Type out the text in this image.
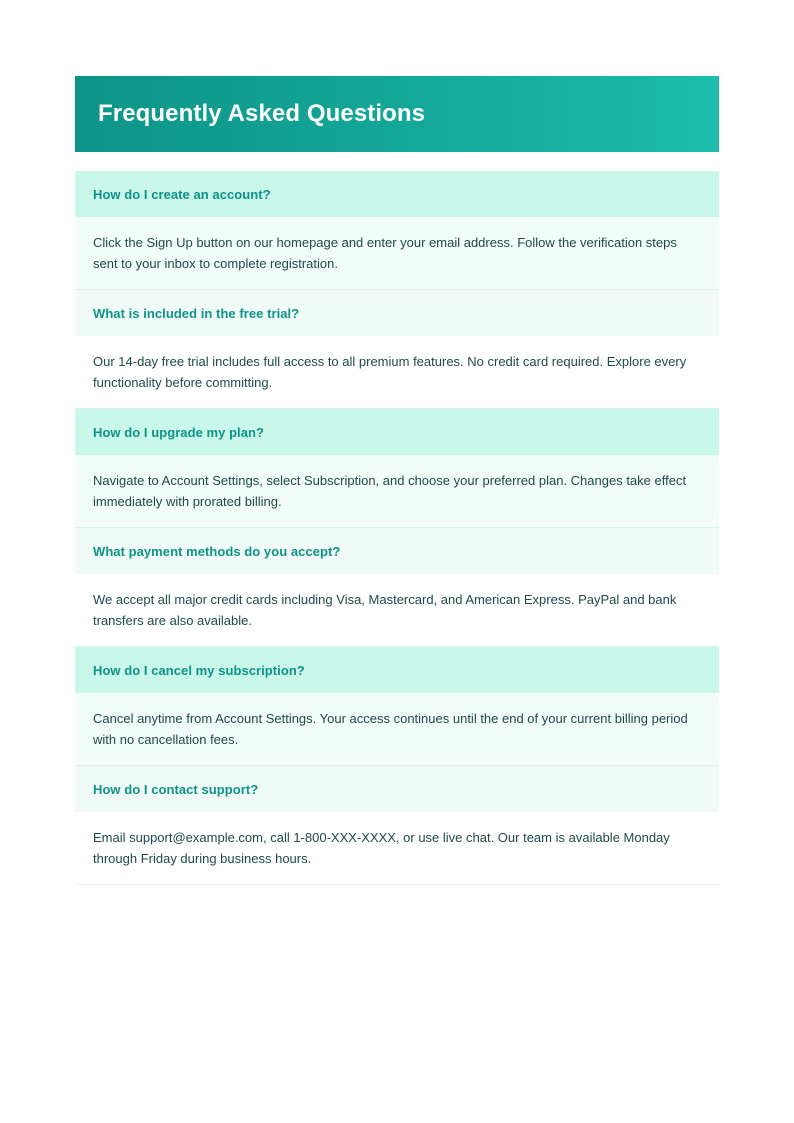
Frequently Asked Questions
How do I create an account?
Click the Sign Up button on our homepage and enter your email address. Follow the verification steps sent to your inbox to complete registration.
What is included in the free trial?
Our 14-day free trial includes full access to all premium features. No credit card required. Explore every functionality before committing.
How do I upgrade my plan?
Navigate to Account Settings, select Subscription, and choose your preferred plan. Changes take effect immediately with prorated billing.
What payment methods do you accept?
We accept all major credit cards including Visa, Mastercard, and American Express. PayPal and bank transfers are also available.
How do I cancel my subscription?
Cancel anytime from Account Settings. Your access continues until the end of your current billing period with no cancellation fees.
How do I contact support?
Email support@example.com, call 1-800-XXX-XXXX, or use live chat. Our team is available Monday through Friday during business hours.
